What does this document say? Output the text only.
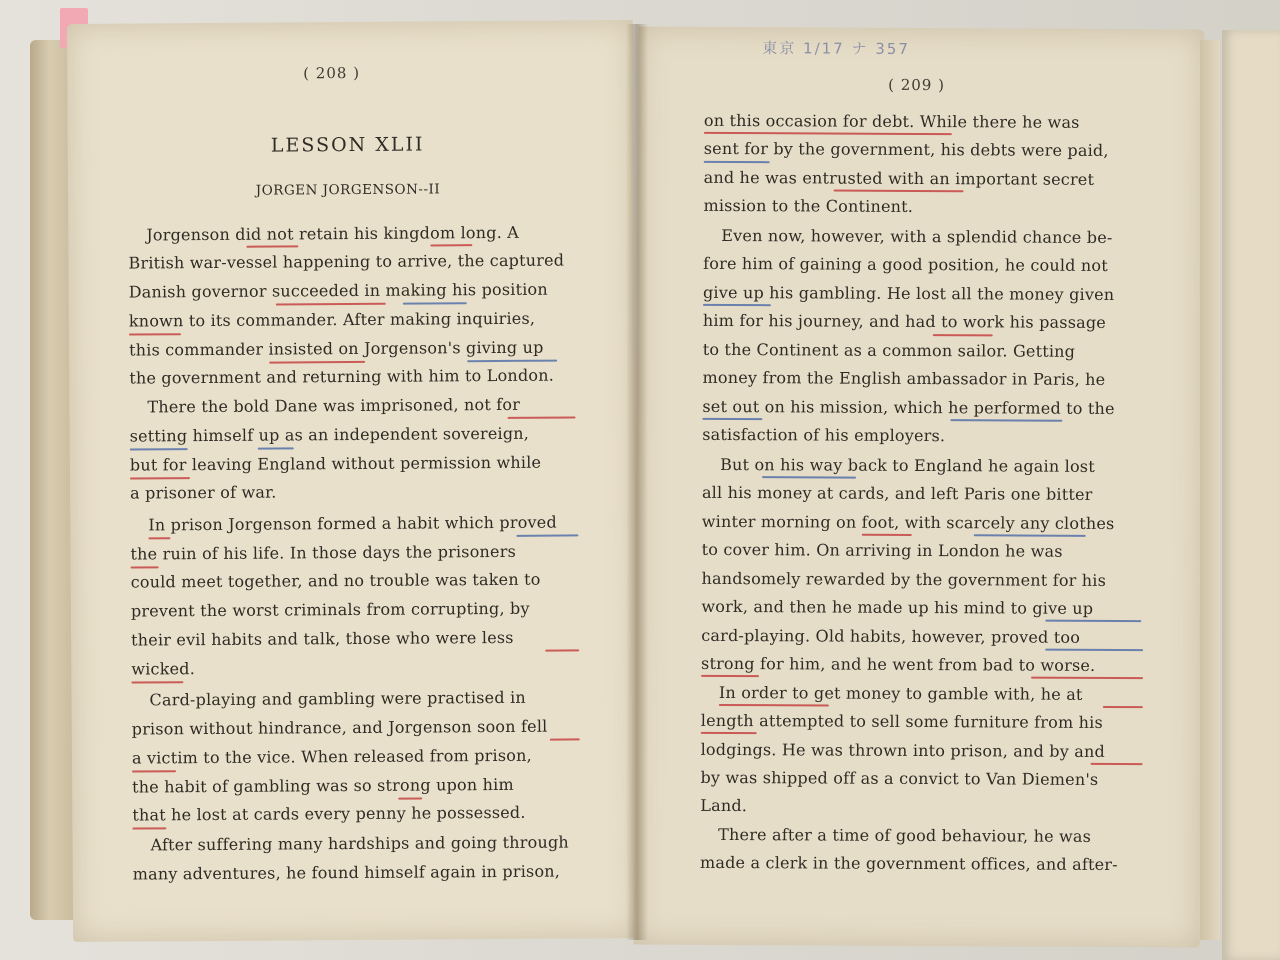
( 208 )
LESSON XLII
JORGEN JORGENSON--II
Jorgenson did not retain his kingdom long. A
British war-vessel happening to arrive, the captured
Danish governor succeeded in making his position
known to its commander. After making inquiries,
this commander insisted on Jorgenson's giving up
the government and returning with him to London.
There the bold Dane was imprisoned, not for
setting himself up as an independent sovereign,
but for leaving England without permission while
a prisoner of war.
In prison Jorgenson formed a habit which proved
the ruin of his life. In those days the prisoners
could meet together, and no trouble was taken to
prevent the worst criminals from corrupting, by
their evil habits and talk, those who were less
wicked.
Card-playing and gambling were practised in
prison without hindrance, and Jorgenson soon fell
a victim to the vice. When released from prison,
the habit of gambling was so strong upon him
that he lost at cards every penny he possessed.
After suffering many hardships and going through
many adventures, he found himself again in prison,
東京 1/17 ナ 357
( 209 )
on this occasion for debt. While there he was
sent for by the government, his debts were paid,
and he was entrusted with an important secret
mission to the Continent.
Even now, however, with a splendid chance be-
fore him of gaining a good position, he could not
give up his gambling. He lost all the money given
him for his journey, and had to work his passage
to the Continent as a common sailor. Getting
money from the English ambassador in Paris, he
set out on his mission, which he performed to the
satisfaction of his employers.
But on his way back to England he again lost
all his money at cards, and left Paris one bitter
winter morning on foot, with scarcely any clothes
to cover him. On arriving in London he was
handsomely rewarded by the government for his
work, and then he made up his mind to give up
card-playing. Old habits, however, proved too
strong for him, and he went from bad to worse.
In order to get money to gamble with, he at
length attempted to sell some furniture from his
lodgings. He was thrown into prison, and by and
by was shipped off as a convict to Van Diemen's
Land.
There after a time of good behaviour, he was
made a clerk in the government offices, and after-
